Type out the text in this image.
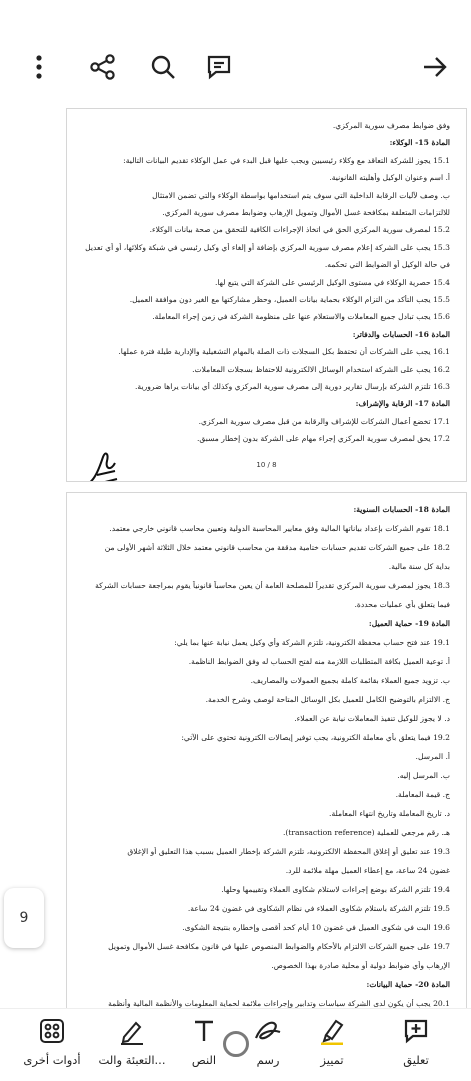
وفق ضوابط مصرف سورية المركزي.
المادة 15- الوكلاء:
15.1 يجوز للشركة التعاقد مع وكلاء رئيسيين ويجب عليها قبل البدء في عمل الوكلاء تقديم البيانات التالية:
أ. اسم وعنوان الوكيل وأهليته القانونية.
ب. وصف لآليات الرقابة الداخلية التي سوف يتم استخدامها بواسطة الوكلاء والتي تضمن الامتثال
للالتزامات المتعلقة بمكافحة غسل الأموال وتمويل الإرهاب وضوابط مصرف سورية المركزي.
15.2 لمصرف سورية المركزي الحق في اتخاذ الإجراءات الكافية للتحقق من صحة بيانات الوكلاء.
15.3 يجب على الشركة إعلام مصرف سورية المركزي بإضافة أو إلغاء أي وكيل رئيسي في شبكة وكلائها، أو أي تعديل
في حالة الوكيل أو الضوابط التي تحكمه.
15.4 حصرية الوكلاء في مستوى الوكيل الرئيسي على الشركة التي يتبع لها.
15.5 يجب التأكد من التزام الوكلاء بحماية بيانات العميل، وحظر مشاركتها مع الغير دون موافقة العميل.
15.6 يجب تبادل جميع المعاملات والاستعلام عنها على منظومة الشركة في زمن إجراء المعاملة.
المادة 16- الحسابات والدفاتر:
16.1 يجب على الشركات أن تحتفظ بكل السجلات ذات الصلة بالمهام التشغيلية والإدارية طيلة فترة عملها.
16.2 يجب على الشركة استخدام الوسائل الالكترونية للاحتفاظ بسجلات المعاملات.
16.3 تلتزم الشركة بإرسال تقارير دورية إلى مصرف سورية المركزي وكذلك أي بيانات يراها ضرورية.
المادة 17- الرقابة والإشراف:
17.1 تخضع أعمال الشركات للإشراف والرقابة من قبل مصرف سورية المركزي.
17.2 يحق لمصرف سورية المركزي إجراء مهام على الشركة بدون إخطار مسبق.
10 / 8
المادة 18- الحسابات السنوية:
18.1 تقوم الشركات بإعداد بياناتها المالية وفق معايير المحاسبة الدولية وتعيين محاسب قانوني خارجي معتمد.
18.2 على جميع الشركات تقديم حسابات ختامية مدققة من محاسب قانوني معتمد خلال الثلاثة أشهر الأولى من
بداية كل سنة مالية.
18.3 يجوز لمصرف سورية المركزي تقديراً للمصلحة العامة أن يعين محاسباً قانونياً يقوم بمراجعة حسابات الشركة
فيما يتعلق بأي عمليات محددة.
المادة 19- حماية العميل:
19.1 عند فتح حساب محفظة الكترونية، تلتزم الشركة وأي وكيل يعمل نيابة عنها بما يلي:
أ. توعية العميل بكافة المتطلبات اللازمة منه لفتح الحساب له وفق الضوابط الناظمة.
ب. تزويد جميع العملاء بقائمة كاملة بجميع العمولات والمصاريف.
ج. الالتزام بالتوضيح الكامل للعميل بكل الوسائل المتاحة لوصف وشرح الخدمة.
د. لا يجوز للوكيل تنفيذ المعاملات نيابة عن العملاء.
19.2 فيما يتعلق بأي معاملة الكترونية، يجب توفير إيصالات الكترونية تحتوي على الآتي:
أ. المرسل.
ب. المرسل إليه.
ج. قيمة المعاملة.
د. تاريخ المعاملة وتاريخ انتهاء المعاملة.
هـ. رقم مرجعي للعملية (transaction reference).
19.3 عند تعليق أو إغلاق المحفظة الالكترونية، تلتزم الشركة بإخطار العميل بسبب هذا التعليق أو الإغلاق
غضون 24 ساعة، مع إعطاء العميل مهلة ملائمة للرد.
19.4 تلتزم الشركة بوضع إجراءات لاستلام شكاوى العملاء وتقييمها وحلها.
19.5 تلتزم الشركة باستلام شكاوى العملاء في نظام الشكاوى في غضون 24 ساعة.
19.6 البت في شكوى العميل في غضون 10 أيام كحد أقصى وإخطاره بنتيجة الشكوى.
19.7 على جميع الشركات الالتزام بالأحكام والضوابط المنصوص عليها في قانون مكافحة غسل الأموال وتمويل
الإرهاب وأي ضوابط دولية أو محلية صادرة بهذا الخصوص.
المادة 20- حماية البيانات:
20.1 يجب أن يكون لدى الشركة سياسات وتدابير وإجراءات ملائمة لحماية المعلومات والأنظمة المالية وأنظمة
9
أدوات أخرى التعبئة والت... النص	رسم	تمييز	تعليق
